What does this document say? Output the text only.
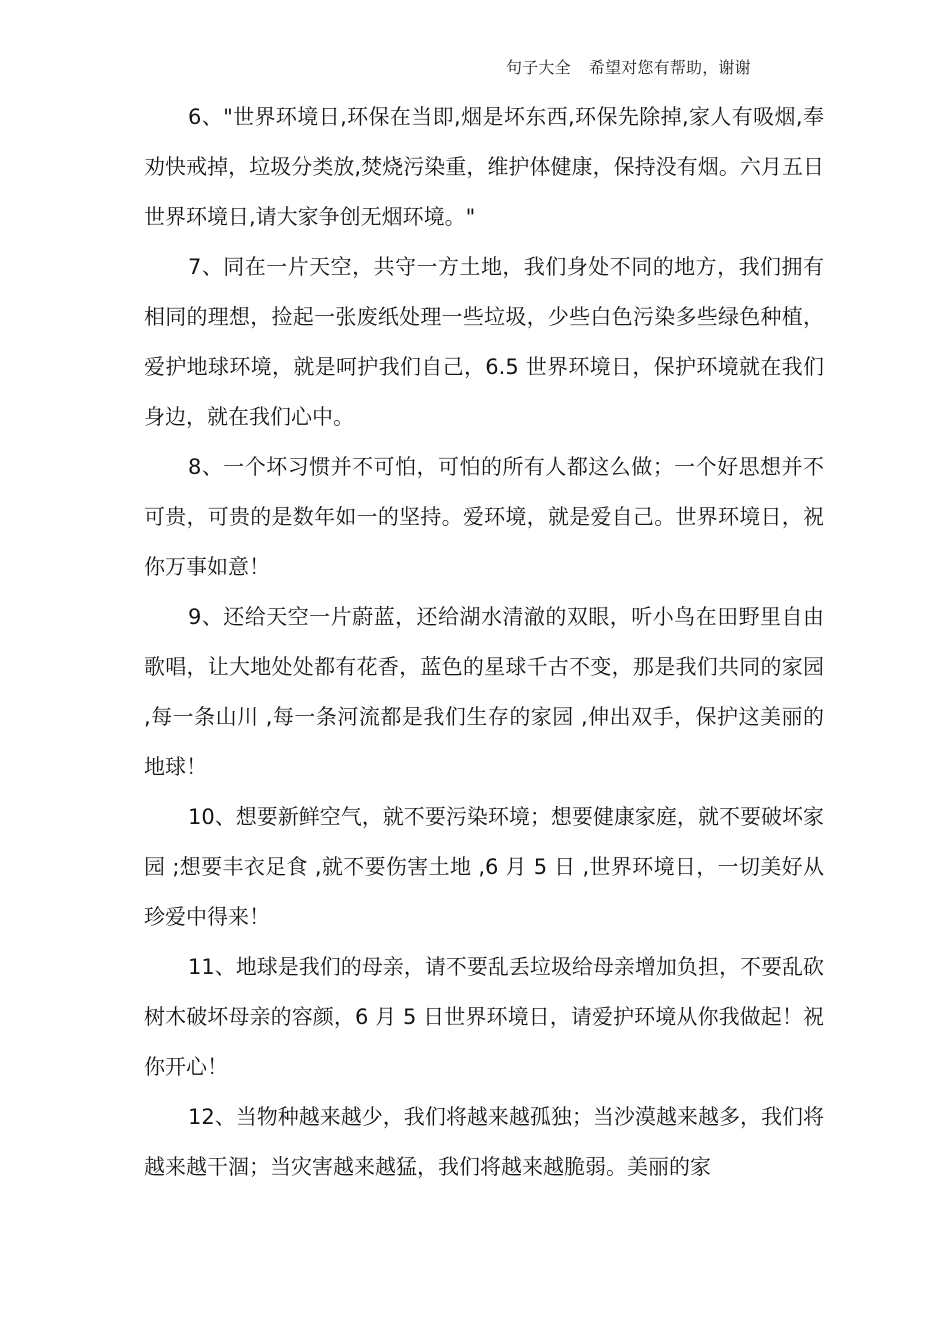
句子大全 希望对您有帮助，谢谢

6、"世界环境日,环保在当即,烟是坏东西,环保先除掉,家人有吸烟,奉劝快戒掉，垃圾分类放,焚烧污染重，维护体健康，保持没有烟。六月五日世界环境日,请大家争创无烟环境。"

7、同在一片天空，共守一方土地，我们身处不同的地方，我们拥有相同的理想，捡起一张废纸处理一些垃圾，少些白色污染多些绿色种植，爱护地球环境，就是呵护我们自己，6.5 世界环境日，保护环境就在我们身边，就在我们心中。

8、一个坏习惯并不可怕，可怕的所有人都这么做；一个好思想并不可贵，可贵的是数年如一的坚持。爱环境，就是爱自己。世界环境日，祝你万事如意！

9、还给天空一片蔚蓝，还给湖水清澈的双眼，听小鸟在田野里自由歌唱，让大地处处都有花香，蓝色的星球千古不变，那是我们共同的家园 ,每一条山川 ,每一条河流都是我们生存的家园 ,伸出双手，保护这美丽的地球！

10、想要新鲜空气，就不要污染环境；想要健康家庭，就不要破坏家园 ;想要丰衣足食 ,就不要伤害土地 ,6 月 5 日 ,世界环境日，一切美好从珍爱中得来！

11、地球是我们的母亲，请不要乱丢垃圾给母亲增加负担，不要乱砍树木破坏母亲的容颜，6 月 5 日世界环境日，请爱护环境从你我做起！祝你开心！

12、当物种越来越少，我们将越来越孤独；当沙漠越来越多，我们将越来越干涸；当灾害越来越猛，我们将越来越脆弱。美丽的家
